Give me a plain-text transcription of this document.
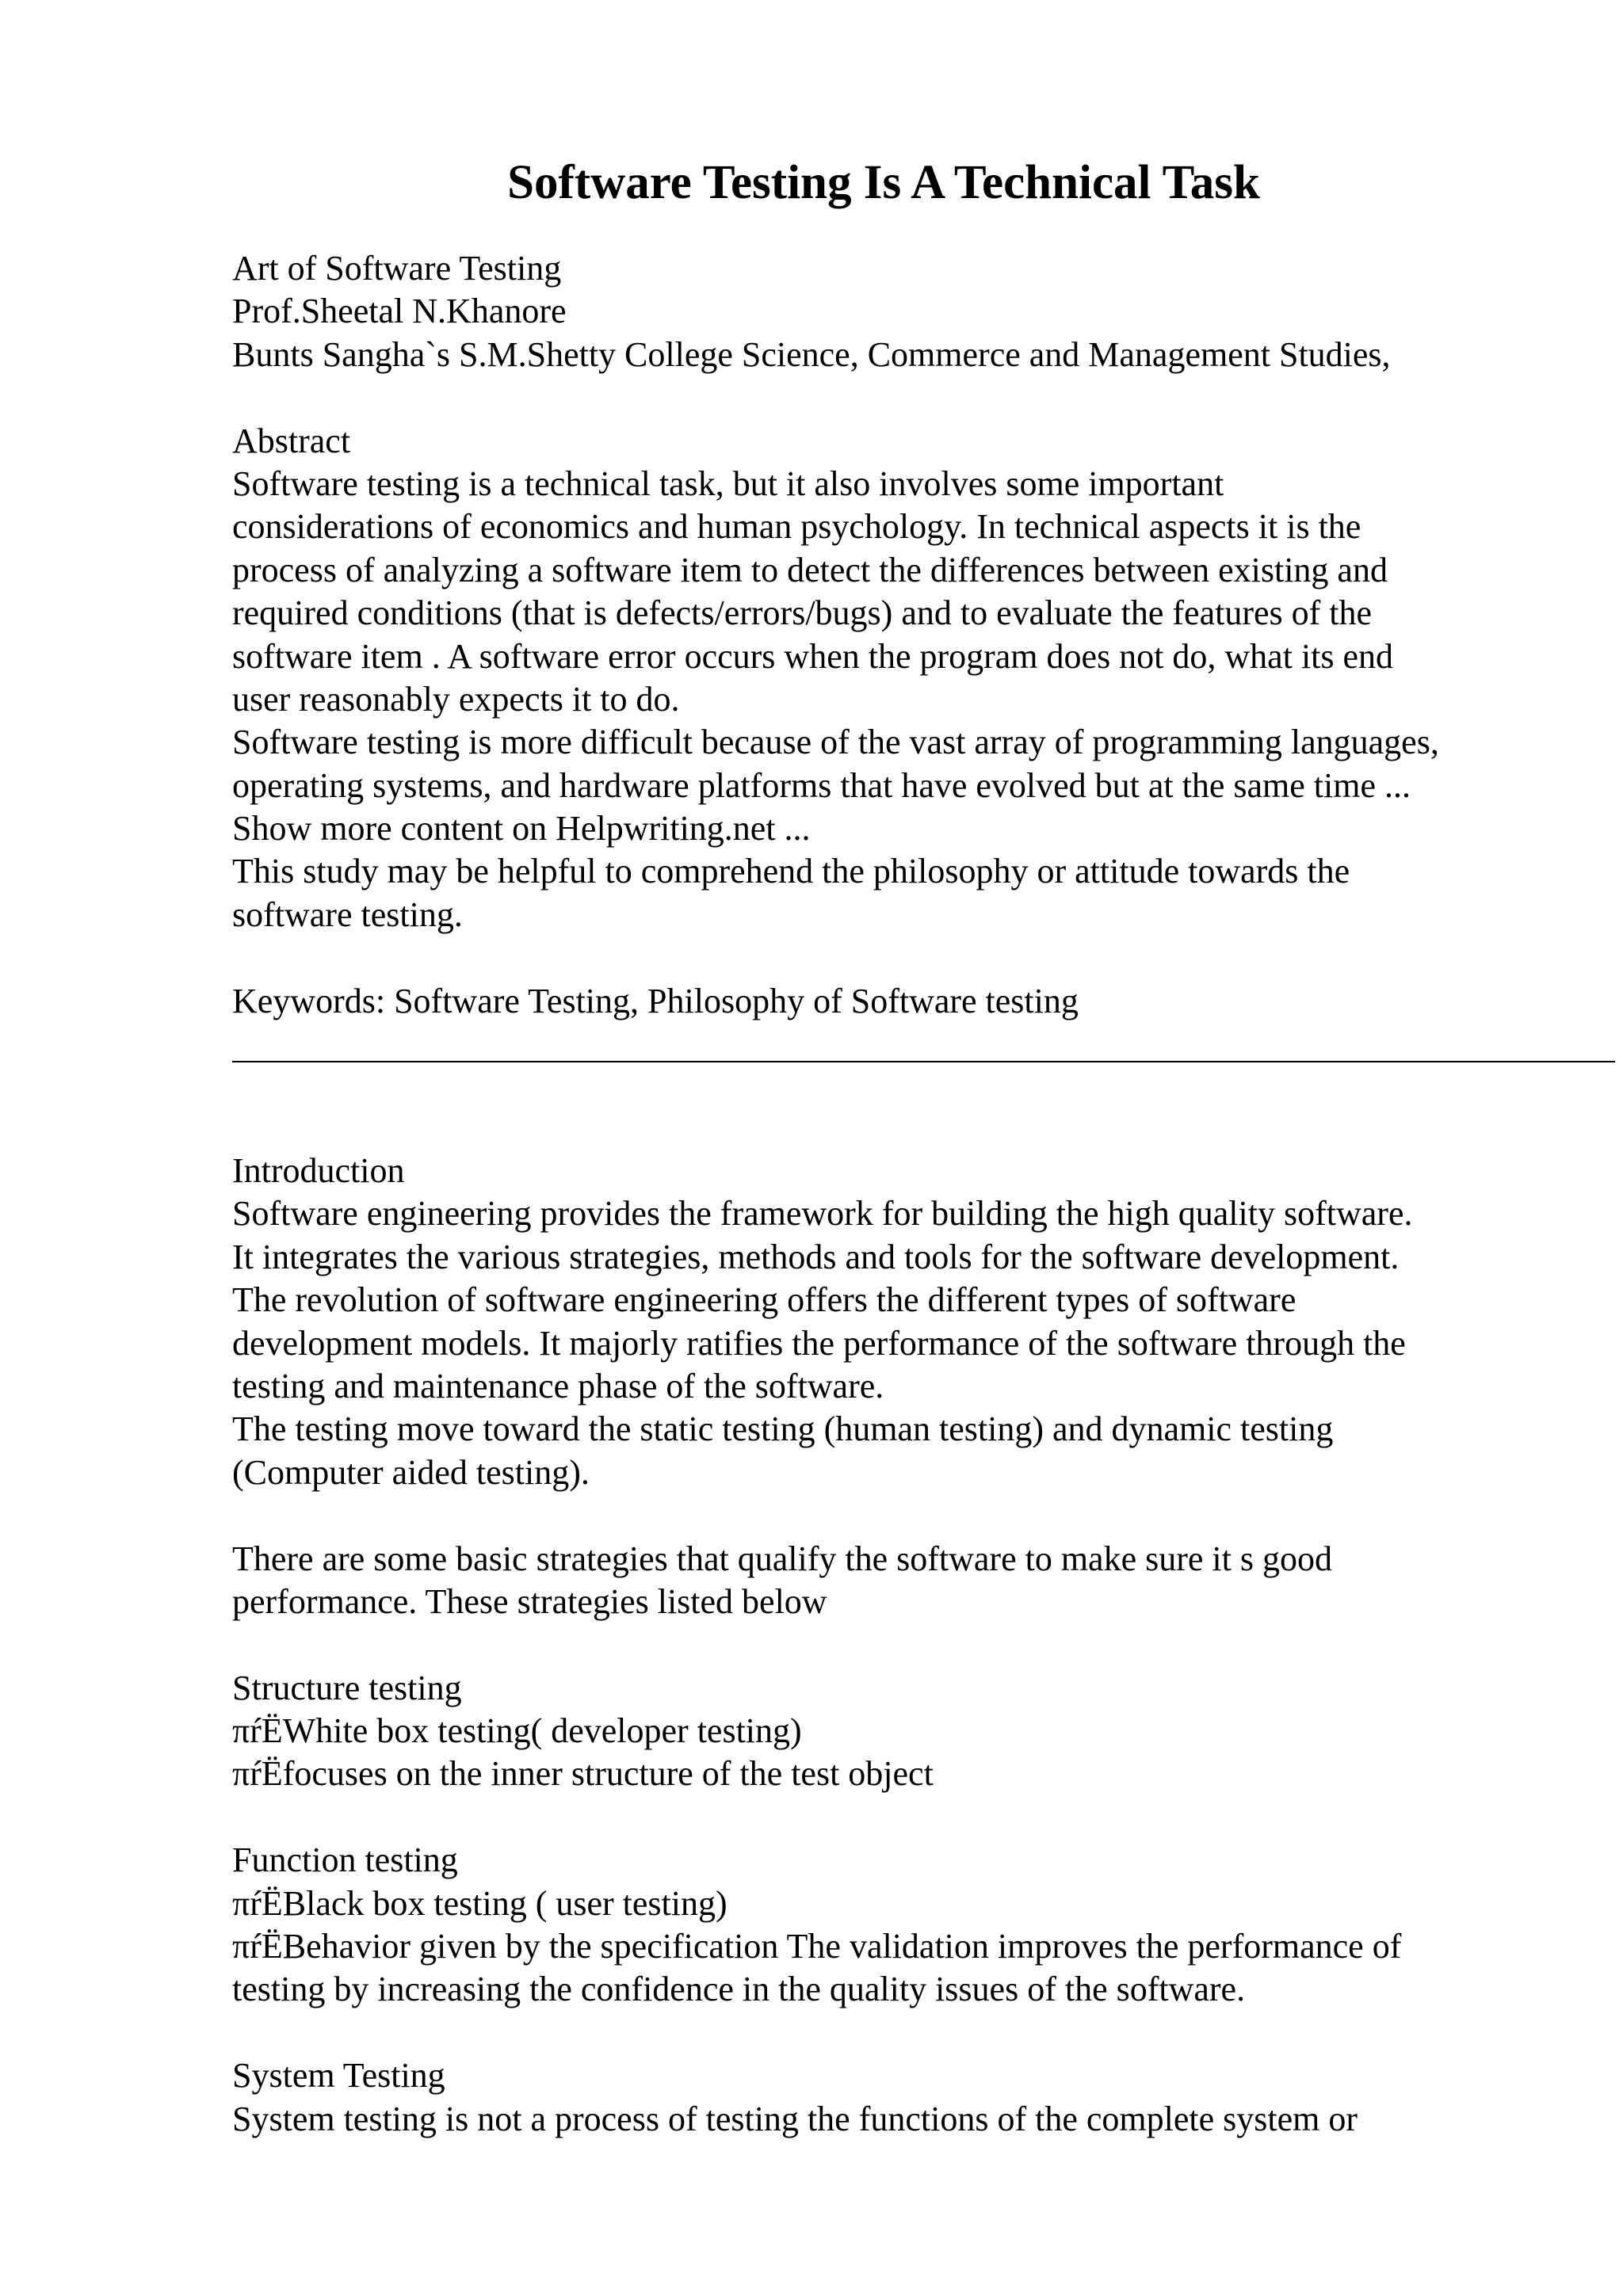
Software Testing Is A Technical Task
Art of Software Testing
Prof.Sheetal N.Khanore
Bunts Sangha`s S.M.Shetty College Science, Commerce and Management Studies,
Abstract
Software testing is a technical task, but it also involves some important
considerations of economics and human psychology. In technical aspects it is the
process of analyzing a software item to detect the differences between existing and
required conditions (that is defects/errors/bugs) and to evaluate the features of the
software item . A software error occurs when the program does not do, what its end
user reasonably expects it to do.
Software testing is more difficult because of the vast array of programming languages,
operating systems, and hardware platforms that have evolved but at the same time ...
Show more content on Helpwriting.net ...
This study may be helpful to comprehend the philosophy or attitude towards the
software testing.
Keywords: Software Testing, Philosophy of Software testing
Introduction
Software engineering provides the framework for building the high quality software.
It integrates the various strategies, methods and tools for the software development.
The revolution of software engineering offers the different types of software
development models. It majorly ratifies the performance of the software through the
testing and maintenance phase of the software.
The testing move toward the static testing (human testing) and dynamic testing
(Computer aided testing).
There are some basic strategies that qualify the software to make sure it s good
performance. These strategies listed below
Structure testing
πŕËWhite box testing( developer testing)
πŕËfocuses on the inner structure of the test object
Function testing
πŕËBlack box testing ( user testing)
πŕËBehavior given by the specification The validation improves the performance of
testing by increasing the confidence in the quality issues of the software.
System Testing
System testing is not a process of testing the functions of the complete system or
